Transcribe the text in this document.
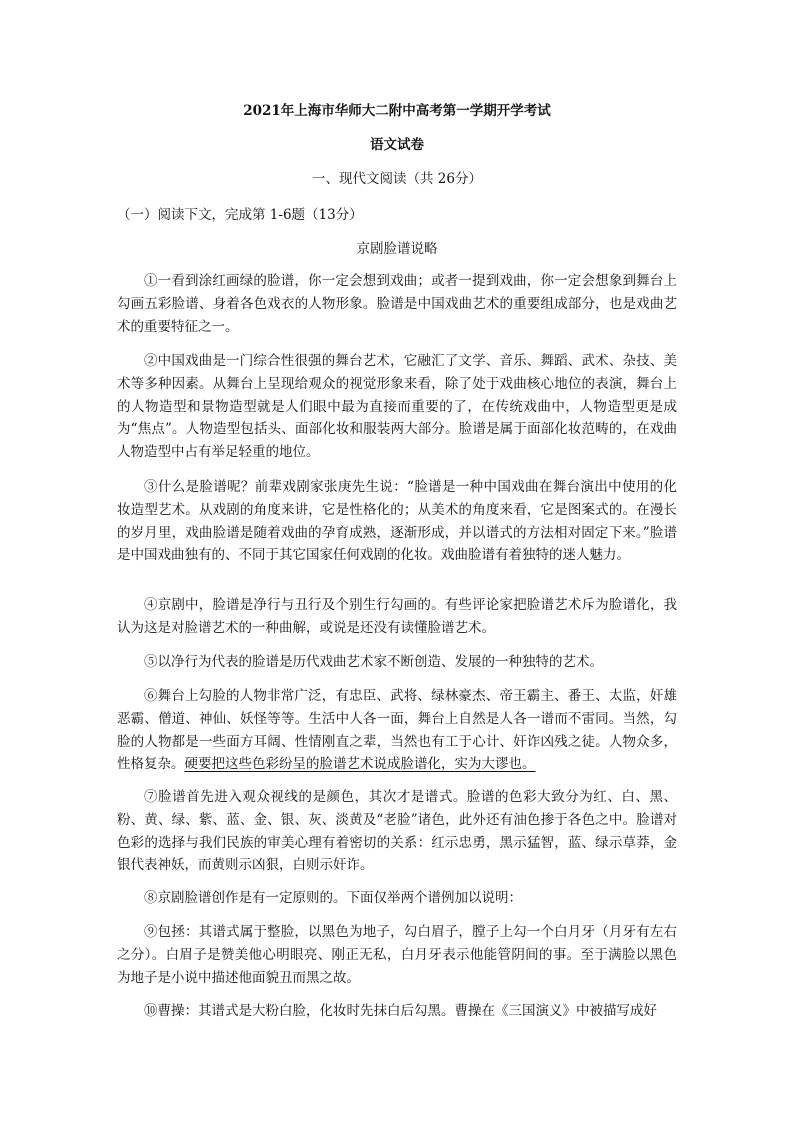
2021年上海市华师大二附中高考第一学期开学考试
语文试卷
一、现代文阅读（共 26分）
（一）阅读下文，完成第 1-6题（13分）
京剧脸谱说略

①一看到涂红画绿的脸谱，你一定会想到戏曲；或者一提到戏曲，你一定会想象到舞台上勾画五彩脸谱、身着各色戏衣的人物形象。脸谱是中国戏曲艺术的重要组成部分，也是戏曲艺术的重要特征之一。

②中国戏曲是一门综合性很强的舞台艺术，它融汇了文学、音乐、舞蹈、武术、杂技、美术等多种因素。从舞台上呈现给观众的视觉形象来看，除了处于戏曲核心地位的表演，舞台上的人物造型和景物造型就是人们眼中最为直接而重要的了，在传统戏曲中，人物造型更是成为“焦点”。人物造型包括头、面部化妆和服装两大部分。脸谱是属于面部化妆范畴的，在戏曲人物造型中占有举足轻重的地位。

③什么是脸谱呢？前辈戏剧家张庚先生说：“脸谱是一种中国戏曲在舞台演出中使用的化妆造型艺术。从戏剧的角度来讲，它是性格化的；从美术的角度来看，它是图案式的。在漫长的岁月里，戏曲脸谱是随着戏曲的孕育成熟，逐渐形成，并以谱式的方法相对固定下来。”脸谱是中国戏曲独有的、不同于其它国家任何戏剧的化妆。戏曲脸谱有着独特的迷人魅力。

④京剧中，脸谱是净行与丑行及个别生行勾画的。有些评论家把脸谱艺术斥为脸谱化，我认为这是对脸谱艺术的一种曲解，或说是还没有读懂脸谱艺术。

⑤以净行为代表的脸谱是历代戏曲艺术家不断创造、发展的一种独特的艺术。

⑥舞台上勾脸的人物非常广泛，有忠臣、武将、绿林豪杰、帝王霸主、番王、太监，奸雄恶霸、僧道、神仙、妖怪等等。生活中人各一面，舞台上自然是人各一谱而不雷同。当然，勾脸的人物都是一些面方耳阔、性情刚直之辈，当然也有工于心计、奸诈凶残之徒。人物众多，性格复杂。硬要把这些色彩纷呈的脸谱艺术说成脸谱化，实为大谬也。

⑦脸谱首先进入观众视线的是颜色，其次才是谱式。脸谱的色彩大致分为红、白、黑、粉、黄、绿、紫、蓝、金、银、灰、淡黄及“老脸”诸色，此外还有油色掺于各色之中。脸谱对色彩的选择与我们民族的审美心理有着密切的关系：红示忠勇，黑示猛智，蓝、绿示草莽，金银代表神妖，而黄则示凶狠，白则示奸诈。

⑧京剧脸谱创作是有一定原则的。下面仅举两个谱例加以说明：

⑨包拯：其谱式属于整脸，以黑色为地子，勾白眉子，膛子上勾一个白月牙（月牙有左右之分）。白眉子是赞美他心明眼亮、刚正无私，白月牙表示他能管阴间的事。至于满脸以黑色为地子是小说中描述他面貌丑而黑之故。

⑩曹操：其谱式是大粉白脸，化妆时先抹白后勾黑。曹操在《三国演义》中被描写成好
